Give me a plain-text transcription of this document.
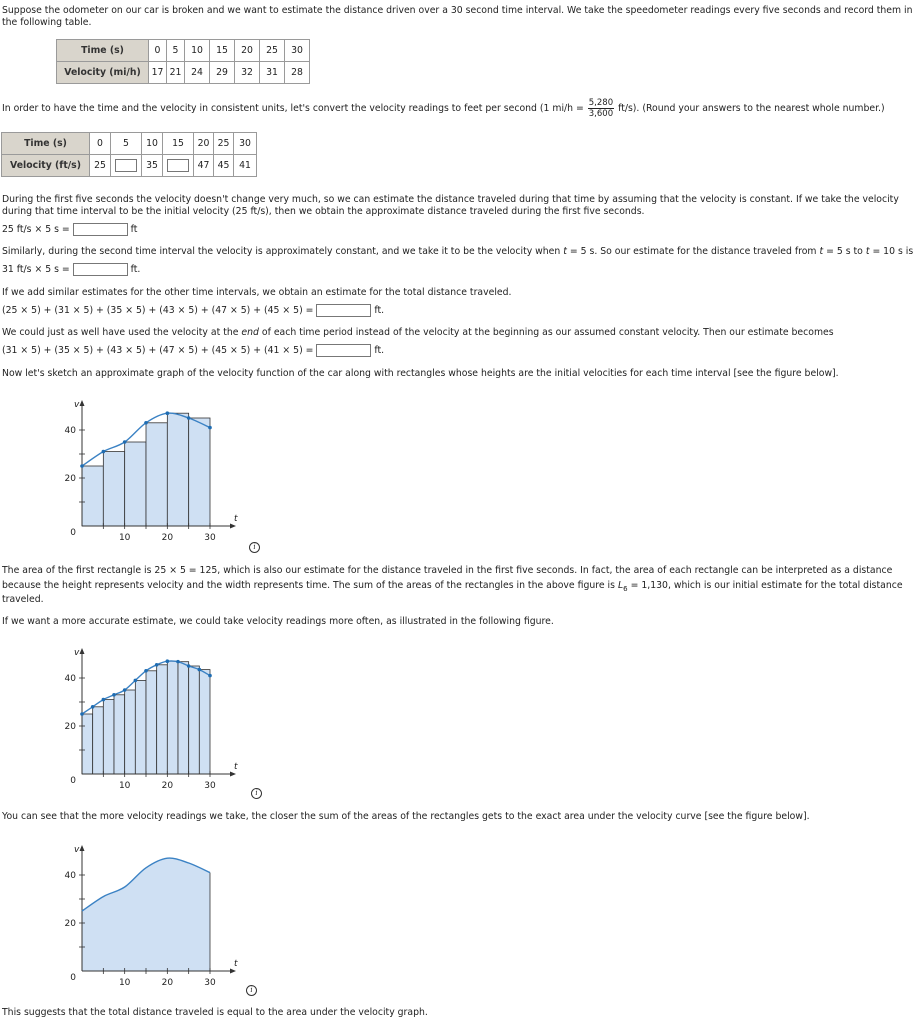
Suppose the odometer on our car is broken and we want to estimate the distance driven over a 30 second time interval. We take the speedometer readings every five seconds and record them in

the following table.

Time (s)	0	5	10	15	20	25	30
Velocity (mi/h)	17	21	24	29	32	31	28

In order to have the time and the velocity in consistent units, let's convert the velocity readings to feet per second (1 $mi/h = \frac{5,280}{3,600} ft/s$). (Round your answers to the nearest whole number.)

Time (s)	0	5	10	15	20	25	30
Velocity (ft/s)	25		35		47	45	41

During the first five seconds the velocity doesn't change very much, so we can estimate the distance traveled during that time by assuming that the velocity is constant. If we take the velocity

during that time interval to be the initial velocity (25 ft/s), then we obtain the approximate distance traveled during the first five seconds.

25 ft/s × 5 s =	ft

Similarly, during the second time interval the velocity is approximately constant, and we take it to be the velocity when t = 5 s. So our estimate for the distance traveled from t = 5 s to t = 10 s is

31 ft/s × 5 s =	ft.

If we add similar estimates for the other time intervals, we obtain an estimate for the total distance traveled.

(25 × 5) + (31 × 5) + (35 × 5) + (43 × 5) + (47 × 5) + (45 × 5) =	ft.

We could just as well have used the velocity at the end of each time period instead of the velocity at the beginning as our assumed constant velocity. Then our estimate becomes

(31 × 5) + (35 × 5) + (43 × 5) + (47 × 5) + (45 × 5) + (41 × 5) =	ft.

Now let's sketch an approximate graph of the velocity function of the car along with rectangles whose heights are the initial velocities for each time interval [see the figure below].

10	20	30
20
40
0
v
t
i

The area of the first rectangle is 25 × 5 = 125, which is also our estimate for the distance traveled in the first five seconds. In fact, the area of each rectangle can be interpreted as a distance

because the height represents velocity and the width represents time. The sum of the areas of the rectangles in the above figure is $L_6 = 1,130$, which is our initial estimate for the total distance

traveled.

If we want a more accurate estimate, we could take velocity readings more often, as illustrated in the following figure.

10	20	30
20
40
0
v
t
i

You can see that the more velocity readings we take, the closer the sum of the areas of the rectangles gets to the exact area under the velocity curve [see the figure below].

10	20	30
20
40
0
v
t
i

This suggests that the total distance traveled is equal to the area under the velocity graph.
